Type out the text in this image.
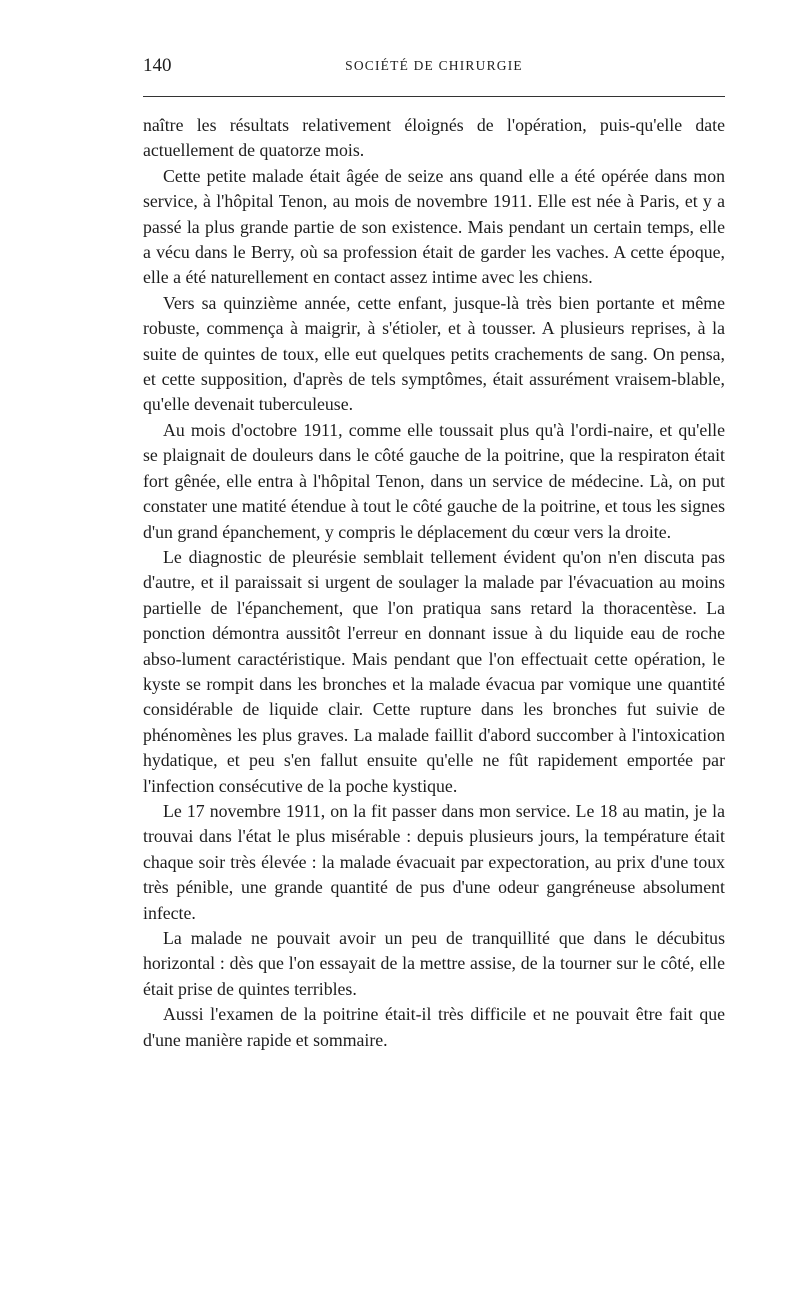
140	SOCIÉTÉ DE CHIRURGIE

naître les résultats relativement éloignés de l'opération, puis-qu'elle date actuellement de quatorze mois.

Cette petite malade était âgée de seize ans quand elle a été opérée dans mon service, à l'hôpital Tenon, au mois de novembre 1911. Elle est née à Paris, et y a passé la plus grande partie de son existence. Mais pendant un certain temps, elle a vécu dans le Berry, où sa profession était de garder les vaches. A cette époque, elle a été naturellement en contact assez intime avec les chiens.

Vers sa quinzième année, cette enfant, jusque-là très bien portante et même robuste, commença à maigrir, à s'étioler, et à tousser. A plusieurs reprises, à la suite de quintes de toux, elle eut quelques petits crachements de sang. On pensa, et cette supposition, d'après de tels symptômes, était assurément vraisem-blable, qu'elle devenait tuberculeuse.

Au mois d'octobre 1911, comme elle toussait plus qu'à l'ordi-naire, et qu'elle se plaignait de douleurs dans le côté gauche de la poitrine, que la respiraton était fort gênée, elle entra à l'hôpital Tenon, dans un service de médecine. Là, on put constater une matité étendue à tout le côté gauche de la poitrine, et tous les signes d'un grand épanchement, y compris le déplacement du cœur vers la droite.

Le diagnostic de pleurésie semblait tellement évident qu'on n'en discuta pas d'autre, et il paraissait si urgent de soulager la malade par l'évacuation au moins partielle de l'épanchement, que l'on pratiqua sans retard la thoracentèse. La ponction démontra aussitôt l'erreur en donnant issue à du liquide eau de roche abso-lument caractéristique. Mais pendant que l'on effectuait cette opération, le kyste se rompit dans les bronches et la malade évacua par vomique une quantité considérable de liquide clair. Cette rupture dans les bronches fut suivie de phénomènes les plus graves. La malade faillit d'abord succomber à l'intoxication hydatique, et peu s'en fallut ensuite qu'elle ne fût rapidement emportée par l'infection consécutive de la poche kystique.

Le 17 novembre 1911, on la fit passer dans mon service. Le 18 au matin, je la trouvai dans l'état le plus misérable : depuis plusieurs jours, la température était chaque soir très élevée : la malade évacuait par expectoration, au prix d'une toux très pénible, une grande quantité de pus d'une odeur gangréneuse absolument infecte.

La malade ne pouvait avoir un peu de tranquillité que dans le décubitus horizontal : dès que l'on essayait de la mettre assise, de la tourner sur le côté, elle était prise de quintes terribles.

Aussi l'examen de la poitrine était-il très difficile et ne pouvait être fait que d'une manière rapide et sommaire.
